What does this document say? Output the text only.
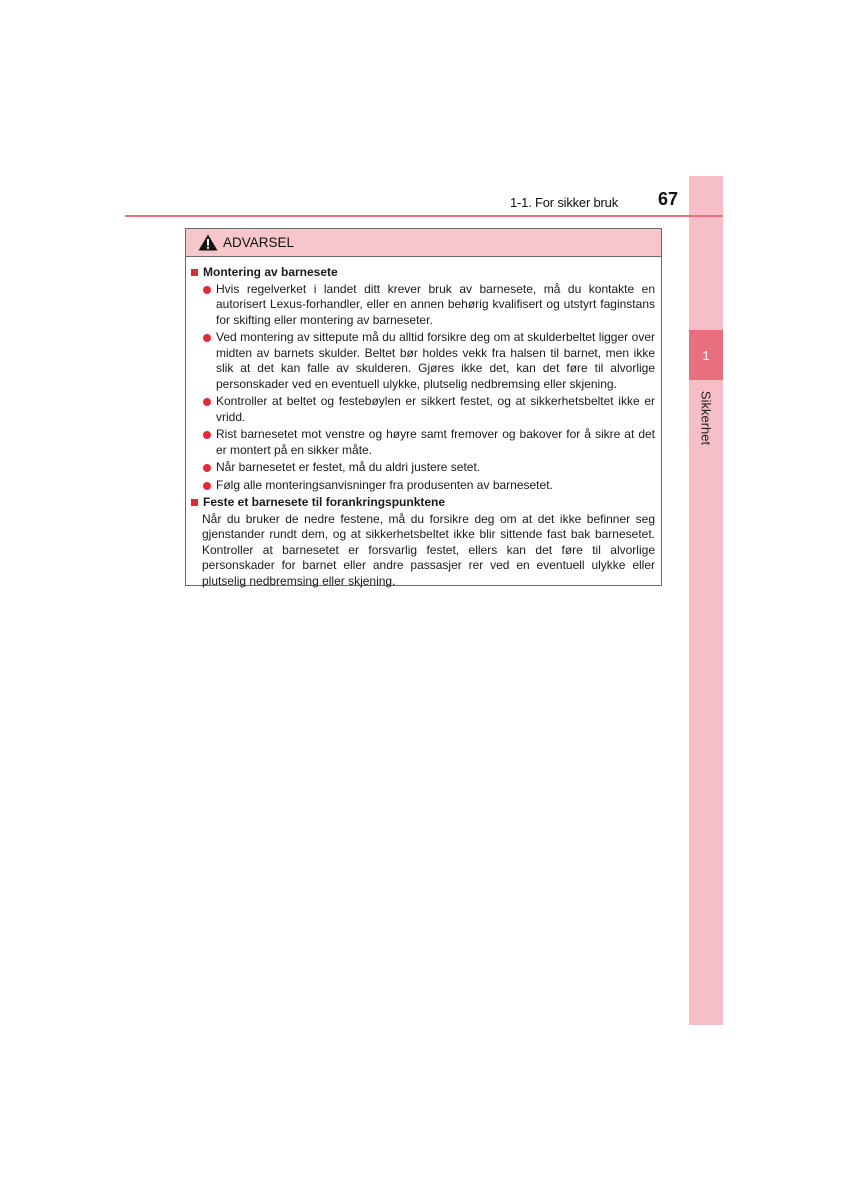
1
Sikkerhet
1-1. For sikker bruk 67
ADVARSEL
Montering av barnesete
Hvis regelverket i landet ditt krever bruk av barnesete, må du kontakte en autorisert Lexus-forhandler, eller en annen behørig kvalifisert og utstyrt faginstans for skifting eller montering av barneseter.
Ved montering av sittepute må du alltid forsikre deg om at skulderbeltet ligger over midten av barnets skulder. Beltet bør holdes vekk fra halsen til barnet, men ikke slik at det kan falle av skulderen. Gjøres ikke det, kan det føre til alvorlige personskader ved en eventuell ulykke, plutselig nedbremsing eller skjening.
Kontroller at beltet og festebøylen er sikkert festet, og at sikkerhetsbeltet ikke er vridd.
Rist barnesetet mot venstre og høyre samt fremover og bakover for å sikre at det er montert på en sikker måte.
Når barnesetet er festet, må du aldri justere setet.
Følg alle monteringsanvisninger fra produsenten av barnesetet.
Feste et barnesete til forankringspunktene

Når du bruker de nedre festene, må du forsikre deg om at det ikke befinner seg gjenstander rundt dem, og at sikkerhetsbeltet ikke blir sittende fast bak barnesetet. Kontroller at barnesetet er forsvarlig festet, ellers kan det føre til alvorlige personskader for barnet eller andre passasjer rer ved en eventuell ulykke eller plutselig nedbremsing eller skjening.
